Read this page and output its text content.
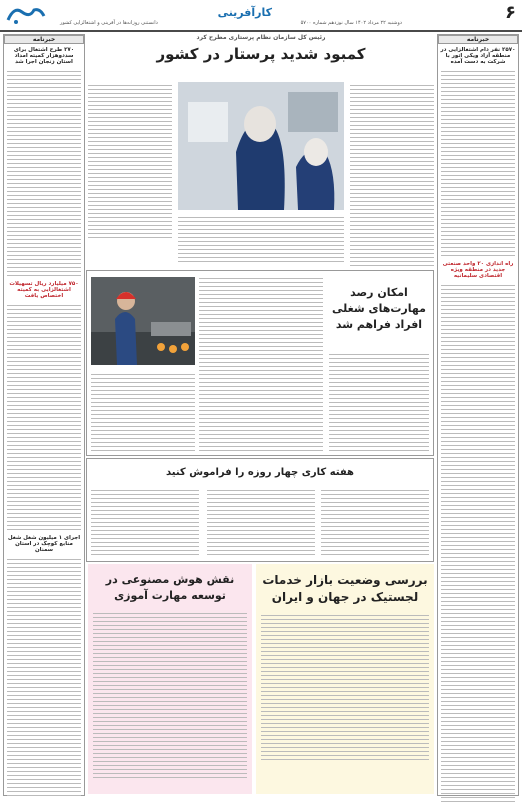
کارآفرینی
دوشنبه ۲۲ مرداد ۱۴۰۲ سال نوزدهم شماره ۵۷۰۰
دانستنی روزانه‌ها در آفرینی و اشتغالزایی کشور	۶
خبرنامه
۲۵۷۰ نفر دام اشتغالزایی در منطقه آزاد ویکی اتور با شرکت به دست آمده
راه اندازی ۲۰ واحد صنعتی جدید در منطقه ویژه اقتصادی سلیمانیه
خبرنامه
۲۷۰ طرح اشتغال برای سددوهزار کمیته امداد استان زنجان اجرا شد
۷۵۰ میلیارد ریال تسهیلات اشتغالزایی به کمیته اختصاص یافت
اجرای ۱ میلیون شغل شغل منابع کوچک در استان سمنان
رئیس کل سازمان نظام پرستاری مطرح کرد
کمبود شدید پرستار در کشور
امکان رصد مهارت‌های شغلی افراد فراهم شد
هفته کاری چهار روزه را فراموش کنید
بررسی وضعیت بازار خدمات لجستیک در جهان و ایران
نقش هوش مصنوعی در توسعه مهارت آموزی
